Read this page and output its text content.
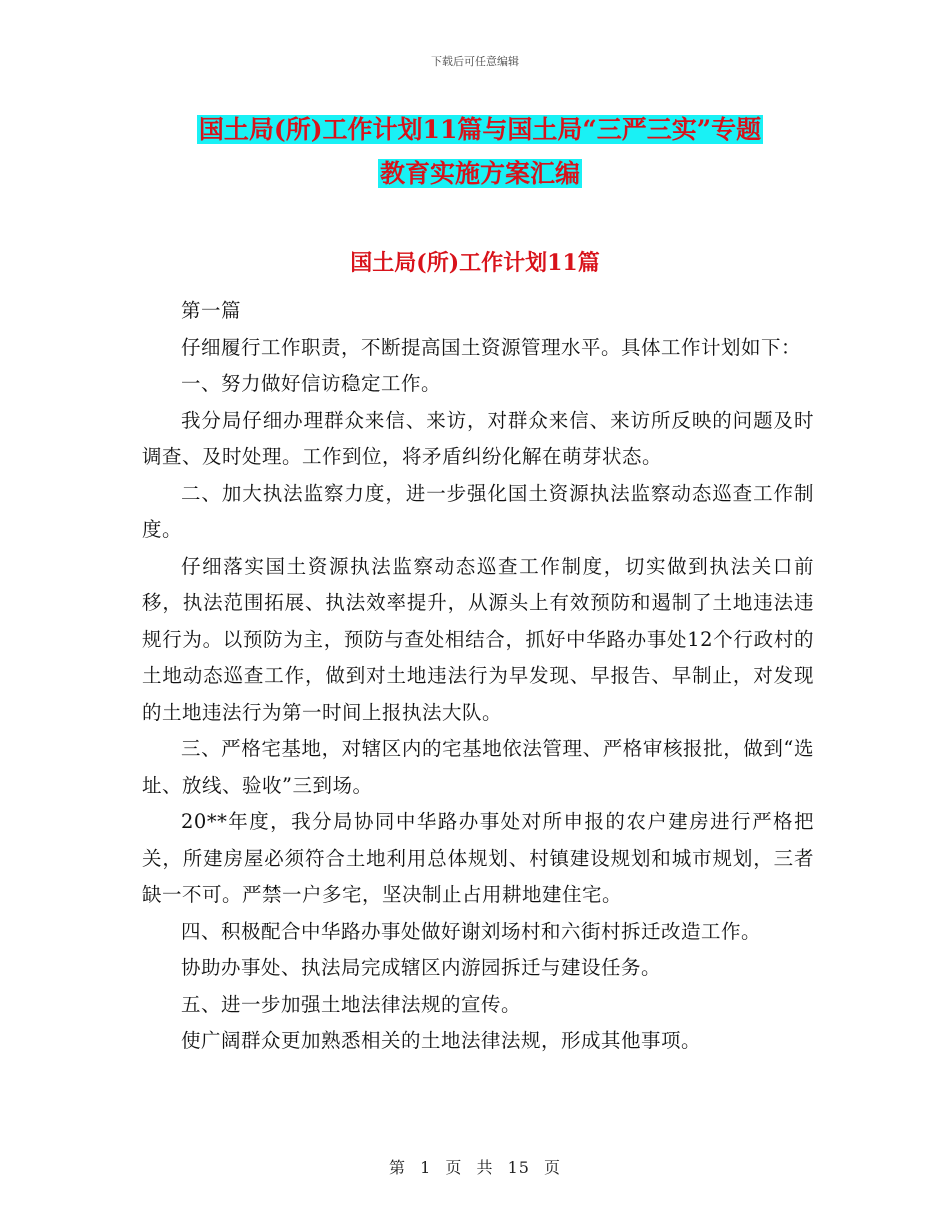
下载后可任意编辑
国土局(所)工作计划11篇与国土局“三严三实”专题
教育实施方案汇编
国土局(所)工作计划11篇

第一篇

仔细履行工作职责，不断提高国土资源管理水平。具体工作计划如下：

一、努力做好信访稳定工作。

我分局仔细办理群众来信、来访，对群众来信、来访所反映的问题及时调查、及时处理。工作到位，将矛盾纠纷化解在萌芽状态。

二、加大执法监察力度，进一步强化国土资源执法监察动态巡查工作制度。

仔细落实国土资源执法监察动态巡查工作制度，切实做到执法关口前移，执法范围拓展、执法效率提升，从源头上有效预防和遏制了土地违法违规行为。以预防为主，预防与查处相结合，抓好中华路办事处12个行政村的土地动态巡查工作，做到对土地违法行为早发现、早报告、早制止，对发现的土地违法行为第一时间上报执法大队。

三、严格宅基地，对辖区内的宅基地依法管理、严格审核报批，做到“选址、放线、验收”三到场。

20**年度，我分局协同中华路办事处对所申报的农户建房进行严格把关，所建房屋必须符合土地利用总体规划、村镇建设规划和城市规划，三者缺一不可。严禁一户多宅，坚决制止占用耕地建住宅。

四、积极配合中华路办事处做好谢刘场村和六街村拆迁改造工作。

协助办事处、执法局完成辖区内游园拆迁与建设任务。

五、进一步加强土地法律法规的宣传。

使广阔群众更加熟悉相关的土地法律法规，形成其他事项。

第 1 页 共 15 页
